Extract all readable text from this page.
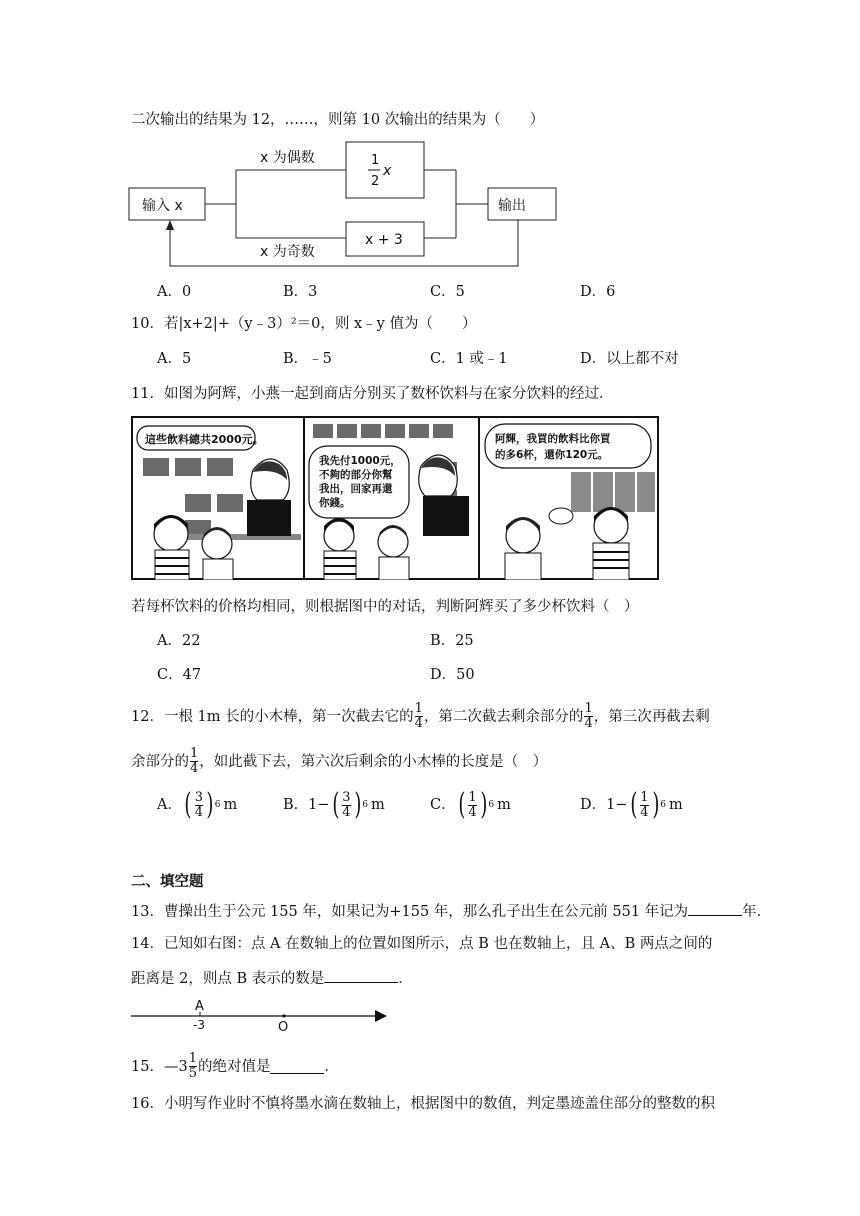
二次输出的结果为 12，……，则第 10 次输出的结果为（　　）
输入 x
x 为偶数
x 为奇数
1
2
x
x + 3
输出
A．0	B．3	C．5	D．6
10．若|x+2|+（y﹣3）²＝0，则 x﹣y 值为（　　）
A．5	B．﹣5	C．1 或﹣1	D．以上都不对
11．如图为阿辉，小燕一起到商店分别买了数杯饮料与在家分饮料的经过．
這些飲料總共2000元。
我先付1000元，
不夠的部分你幫
我出，回家再還
你錢。
阿輝，我買的飲料比你買
的多6杯，還你120元。
若每杯饮料的价格均相同，则根据图中的对话，判断阿辉买了多少杯饮料（　）
A．22	B．25
C．47	D．50
12．一根 1m 长的小木棒，第一次截去它的 $\frac{1}{4}$ ，第二次截去剩余部分的 $\frac{1}{4}$ ，第三次再截去剩
余部分的 $\frac{1}{4}$ ，如此截下去，第六次后剩余的小木棒的长度是（　）
A． ( $\frac{3}{4}$ ) 6 m	B． 1− ( $\frac{3}{4}$ ) 6 m	C． ( $\frac{1}{4}$ ) 6 m	D． 1− ( $\frac{1}{4}$ ) 6 m
二、填空题
13．曹操出生于公元 155 年，如果记为+155 年，那么孔子出生在公元前 551 年记为	年．
14．已知如右图：点 A 在数轴上的位置如图所示，点 B 也在数轴上，且 A、B 两点之间的
距离是 2，则点 B 表示的数是	．
A
-3	O
15．—3 $\frac{1}{5}$ 的绝对值是	．
16．小明写作业时不慎将墨水滴在数轴上，根据图中的数值，判定墨迹盖住部分的整数的积
